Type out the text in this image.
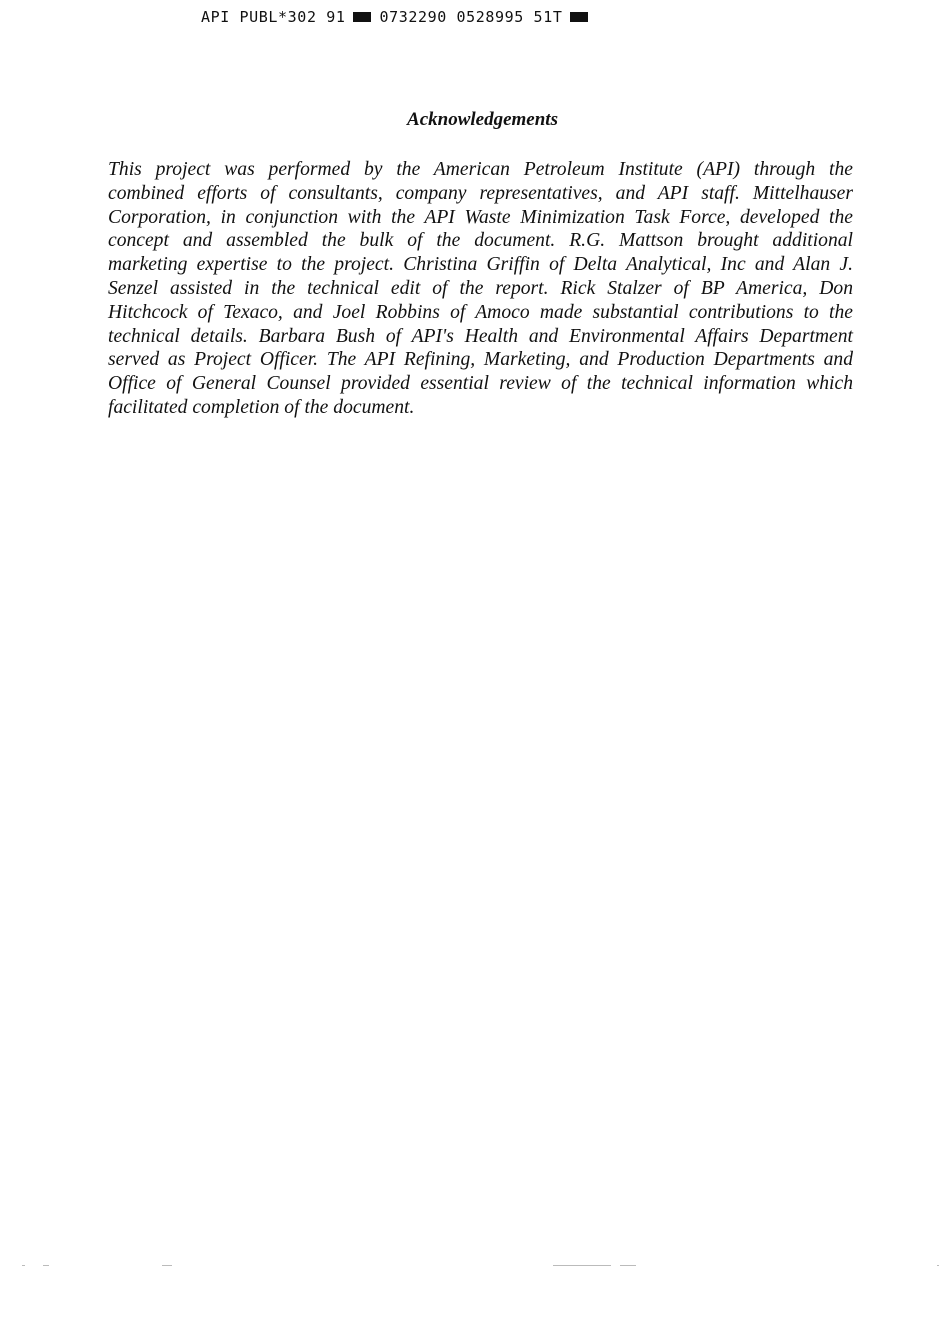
API PUBL*302 91 0732290 0528995 51T
Acknowledgements
This project was performed by the American Petroleum Institute (API) through the
combined efforts of consultants, company representatives, and API staff. Mittelhauser
Corporation, in conjunction with the API Waste Minimization Task Force, developed the
concept and assembled the bulk of the document. R.G. Mattson brought additional
marketing expertise to the project. Christina Griffin of Delta Analytical, Inc and Alan J.
Senzel assisted in the technical edit of the report. Rick Stalzer of BP America, Don
Hitchcock of Texaco, and Joel Robbins of Amoco made substantial contributions to the
technical details. Barbara Bush of API's Health and Environmental Affairs Department
served as Project Officer. The API Refining, Marketing, and Production Departments and
Office of General Counsel provided essential review of the technical information which
facilitated completion of the document.
